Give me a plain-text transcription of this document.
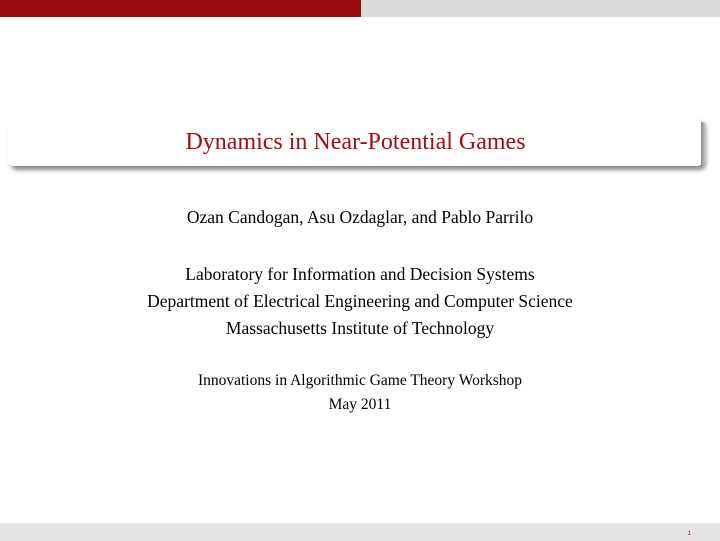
Dynamics in Near-Potential Games
Ozan Candogan, Asu Ozdaglar, and Pablo Parrilo
Laboratory for Information and Decision Systems
Department of Electrical Engineering and Computer Science
Massachusetts Institute of Technology
Innovations in Algorithmic Game Theory Workshop
May 2011
1
